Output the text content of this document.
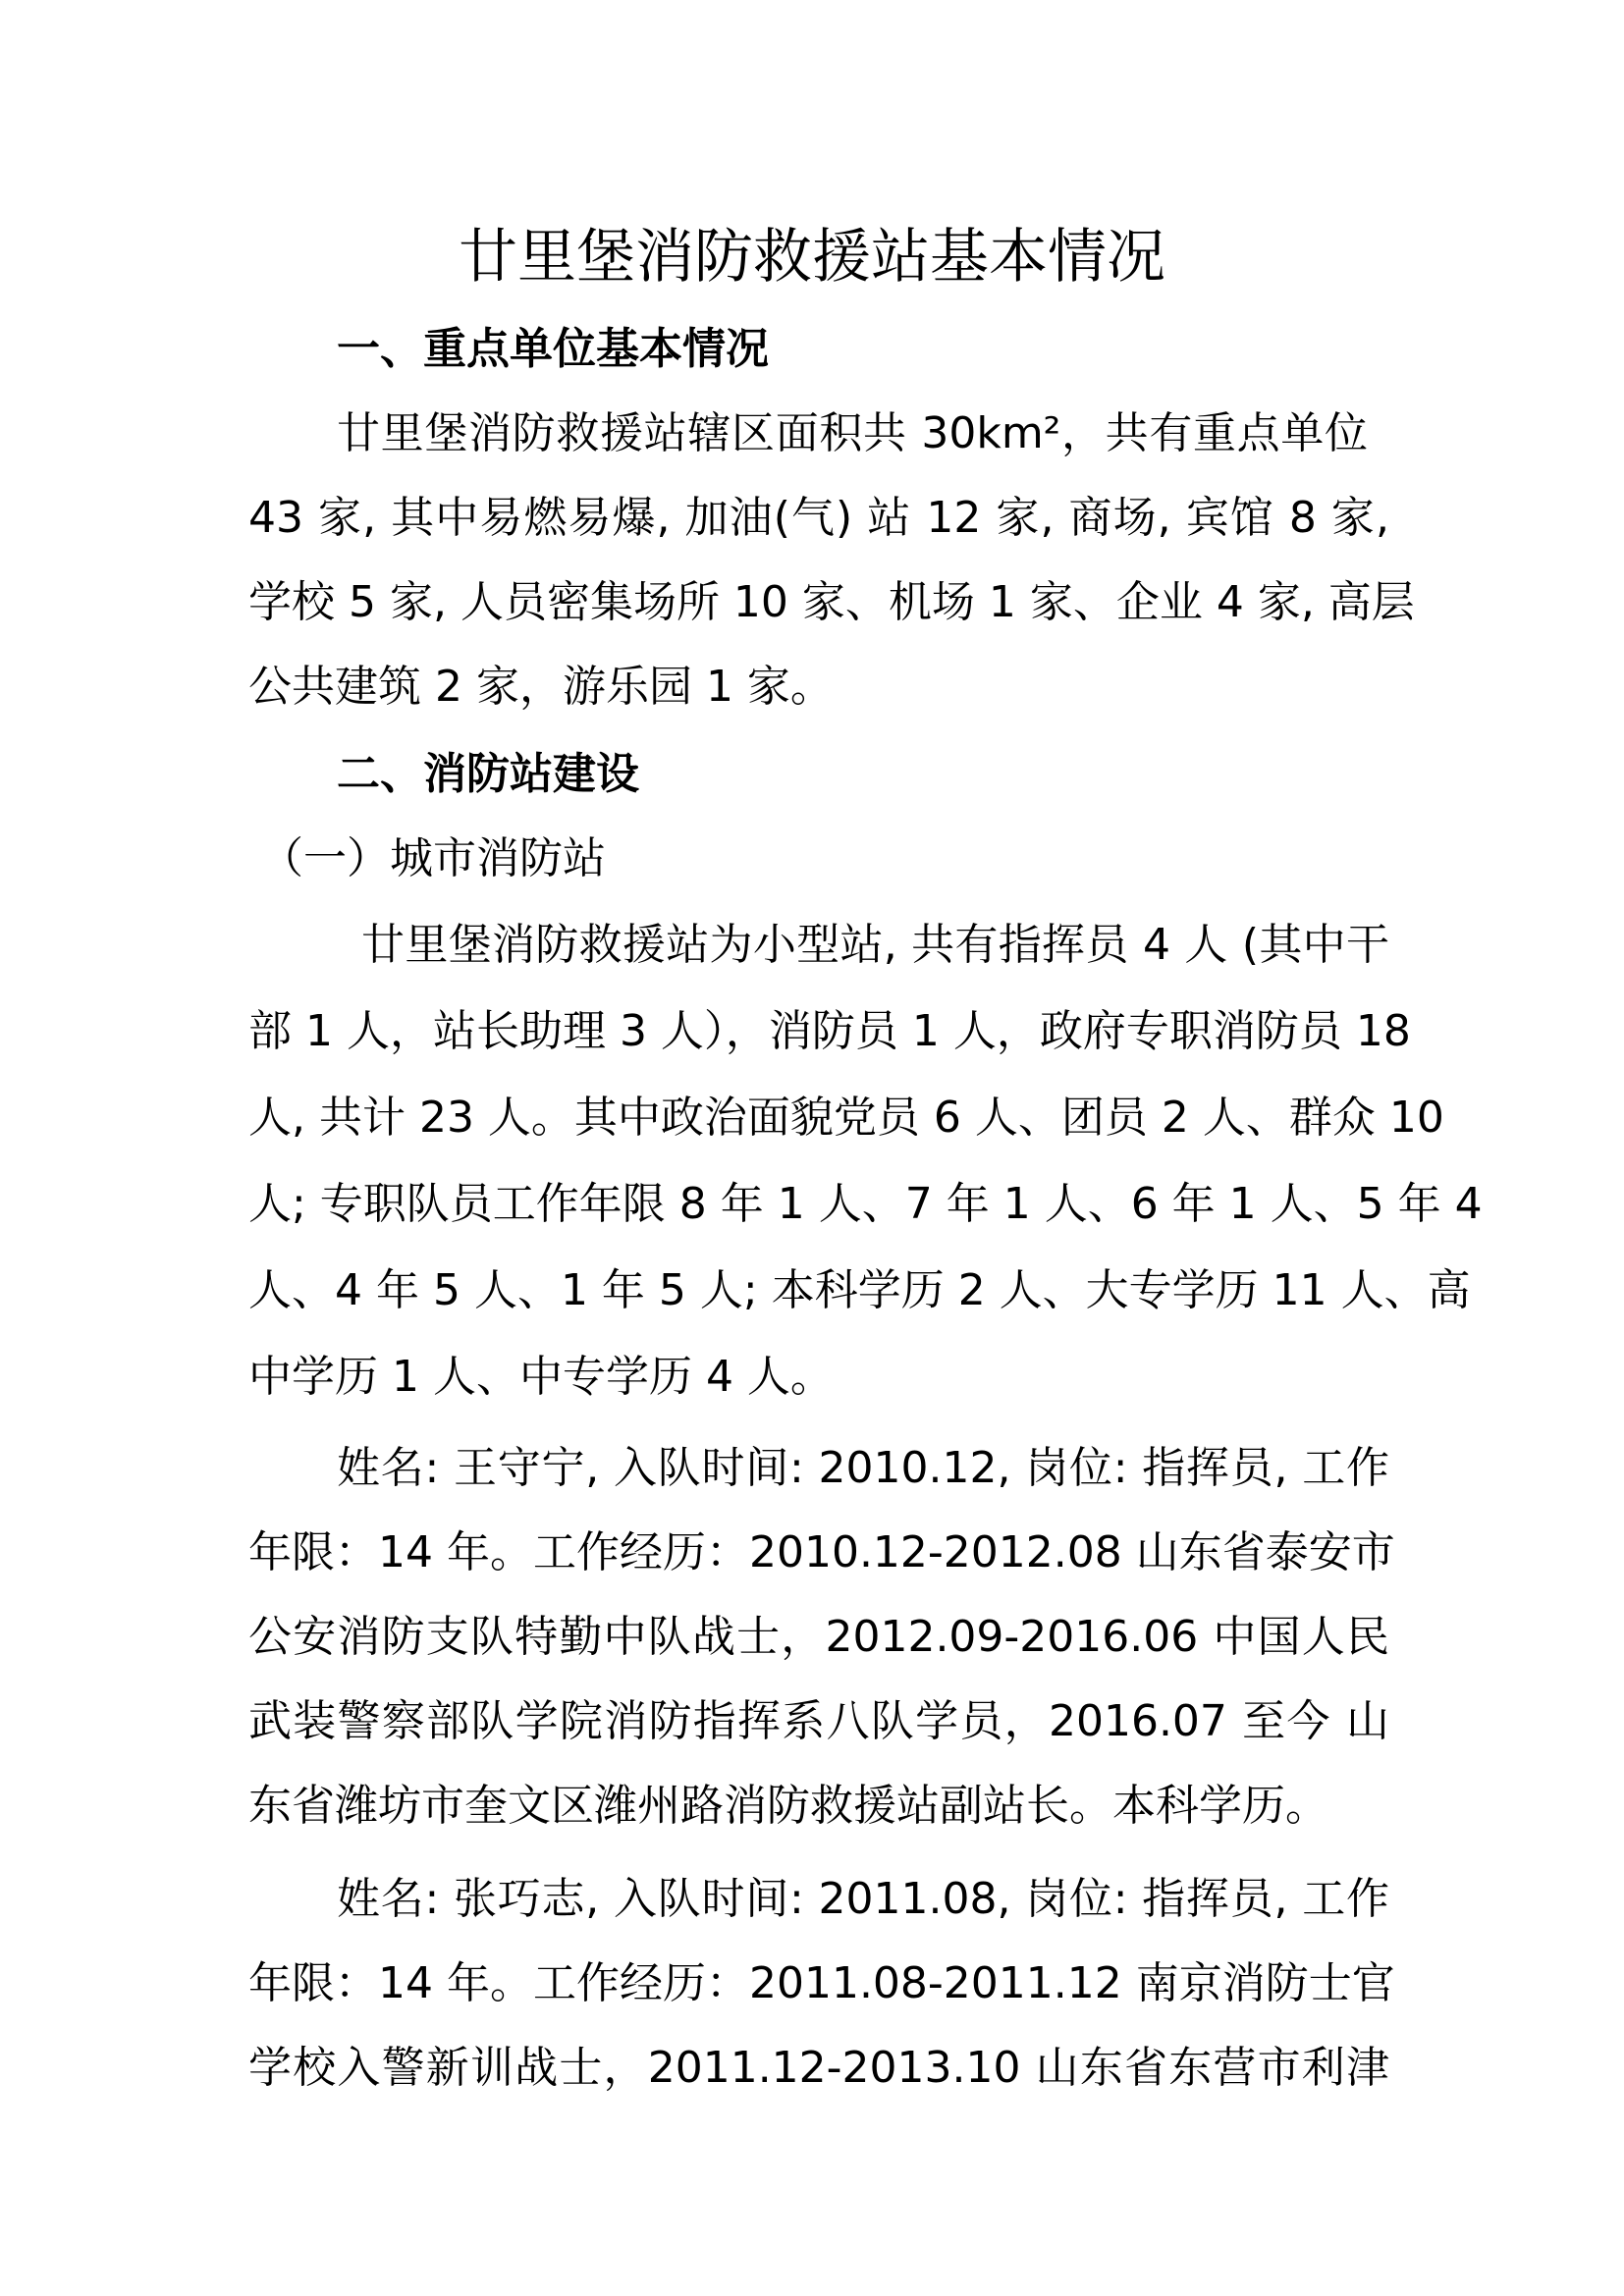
廿里堡消防救援站基本情况
一、重点单位基本情况
廿里堡消防救援站辖区面积共 30km²，共有重点单位
43 家, 其中易燃易爆, 加油(气) 站 12 家, 商场, 宾馆 8 家,
学校 5 家, 人员密集场所 10 家、机场 1 家、企业 4 家, 高层
公共建筑 2 家，游乐园 1 家。
二、消防站建设
（一）城市消防站
廿里堡消防救援站为小型站, 共有指挥员 4 人 (其中干
部 1 人，站长助理 3 人），消防员 1 人，政府专职消防员 18
人, 共计 23 人。其中政治面貌党员 6 人、团员 2 人、群众 10
人; 专职队员工作年限 8 年 1 人、7 年 1 人、6 年 1 人、5 年 4
人、4 年 5 人、1 年 5 人; 本科学历 2 人、大专学历 11 人、高
中学历 1 人、中专学历 4 人。
姓名: 王守宁, 入队时间: 2010.12, 岗位: 指挥员, 工作
年限：14 年。工作经历：2010.12-2012.08 山东省泰安市
公安消防支队特勤中队战士，2012.09-2016.06 中国人民
武装警察部队学院消防指挥系八队学员，2016.07 至今 山
东省潍坊市奎文区潍州路消防救援站副站长。本科学历。
姓名: 张巧志, 入队时间: 2011.08, 岗位: 指挥员, 工作
年限：14 年。工作经历：2011.08-2011.12 南京消防士官
学校入警新训战士，2011.12-2013.10 山东省东营市利津
